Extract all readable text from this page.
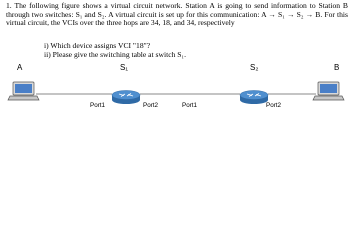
1. The following figure shows a virtual circuit network. Station A is going to send information to Station B through two switches: S₁ and S₂. A virtual circuit is set up for this communication: A → S₁ → S₂ → B. For this virtual circuit, the VCIs over the three hops are 34, 18, and 34, respectively
i) Which device assigns VCI "18"?
ii) Please give the switching table at switch S₁.
A	B
S₁	S₂
Port1	Port2	Port1	Port2
